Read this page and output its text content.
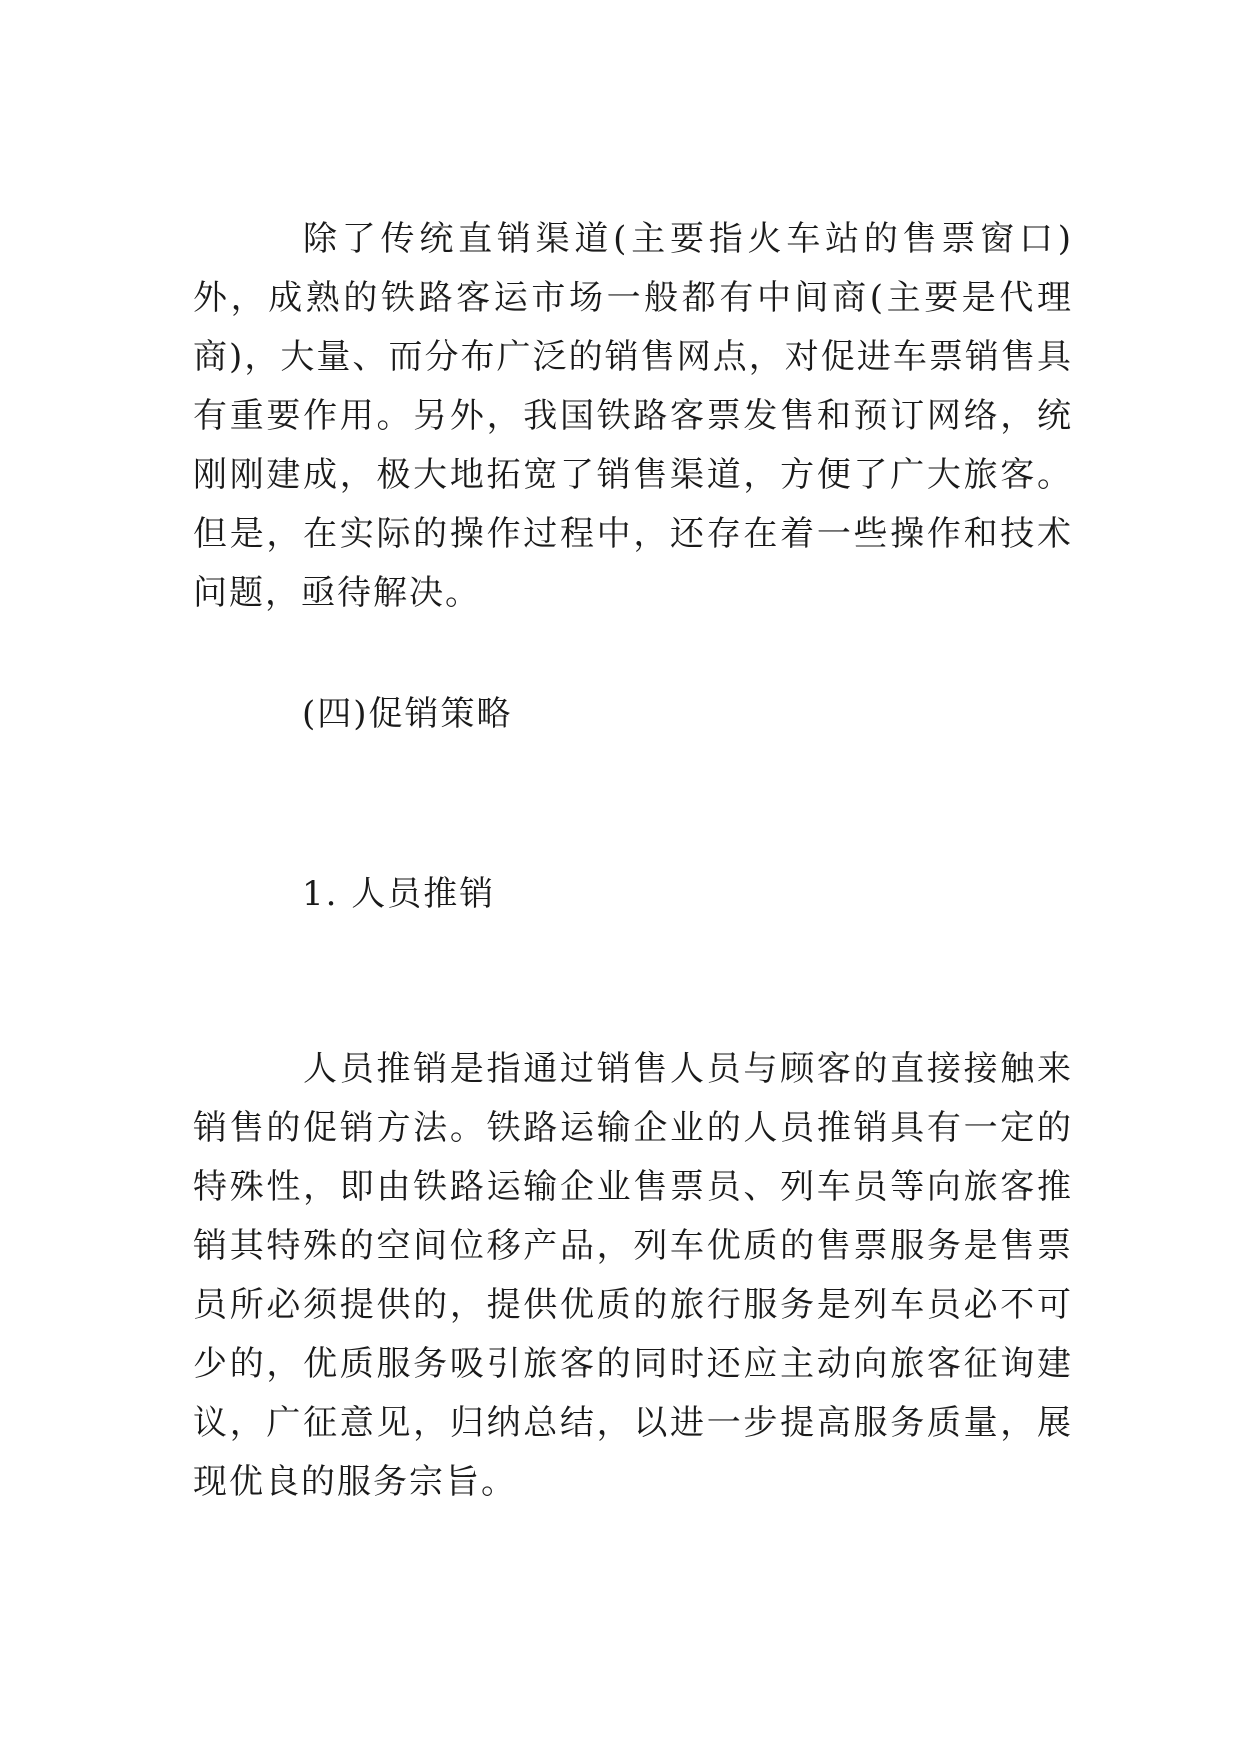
除了传统直销渠道(主要指火车站的售票窗口)外，成熟的铁路客运市场一般都有中间商(主要是代理商)，大量、而分布广泛的销售网点，对促进车票销售具有重要作用。另外，我国铁路客票发售和预订网络，统刚刚建成，极大地拓宽了销售渠道，方便了广大旅客。但是，在实际的操作过程中，还存在着一些操作和技术问题，亟待解决。

(四)促销策略

1. 人员推销

人员推销是指通过销售人员与顾客的直接接触来销售的促销方法。铁路运输企业的人员推销具有一定的特殊性，即由铁路运输企业售票员、列车员等向旅客推销其特殊的空间位移产品，列车优质的售票服务是售票员所必须提供的，提供优质的旅行服务是列车员必不可少的，优质服务吸引旅客的同时还应主动向旅客征询建议，广征意见，归纳总结，以进一步提高服务质量，展现优良的服务宗旨。
